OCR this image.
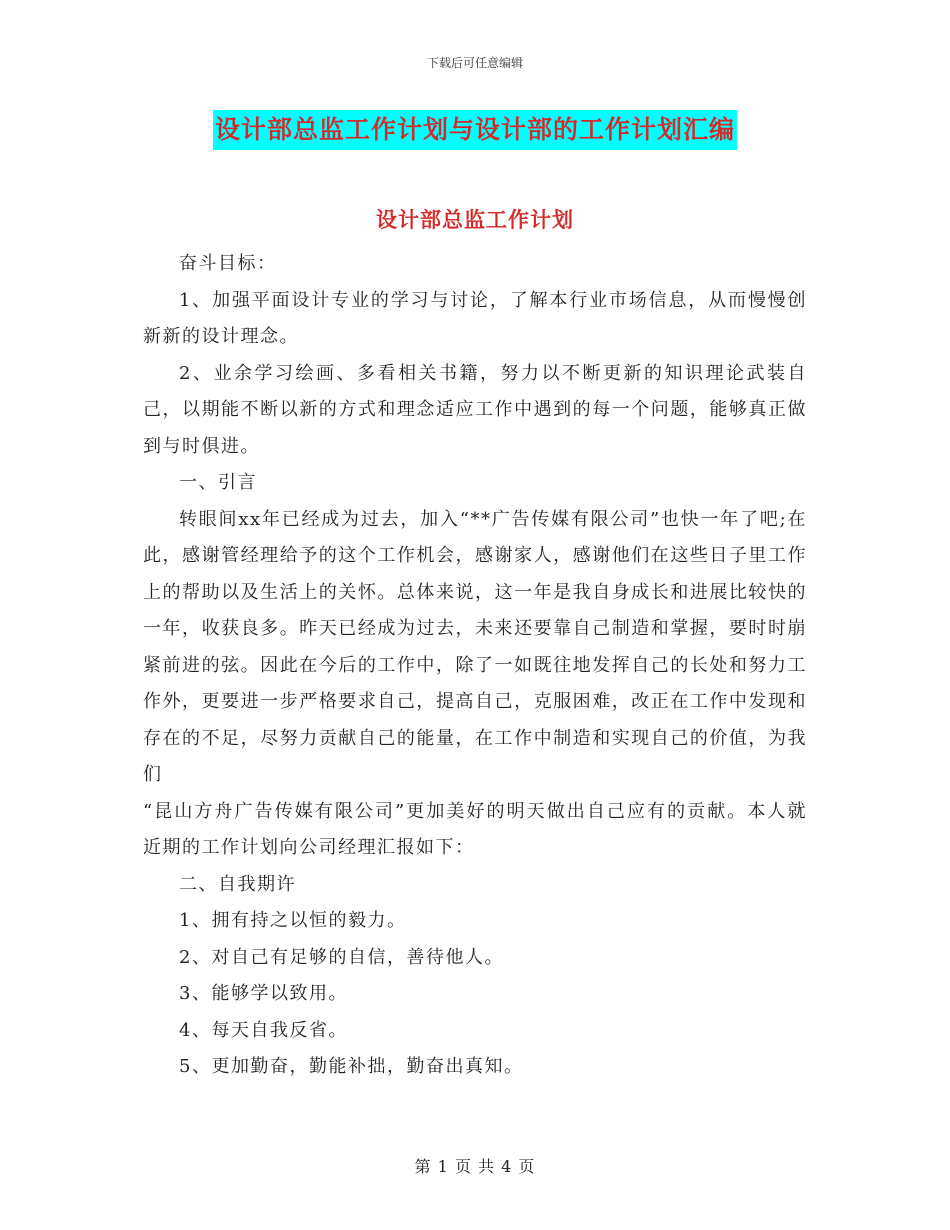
下载后可任意编辑
设计部总监工作计划与设计部的工作计划汇编
设计部总监工作计划

奋斗目标：

1、加强平面设计专业的学习与讨论，了解本行业市场信息，从而慢慢创新新的设计理念。

2、业余学习绘画、多看相关书籍，努力以不断更新的知识理论武装自己，以期能不断以新的方式和理念适应工作中遇到的每一个问题，能够真正做到与时俱进。

一、引言

转眼间xx年已经成为过去，加入“**广告传媒有限公司”也快一年了吧;在此，感谢管经理给予的这个工作机会，感谢家人，感谢他们在这些日子里工作上的帮助以及生活上的关怀。总体来说，这一年是我自身成长和进展比较快的一年，收获良多。昨天已经成为过去，未来还要靠自己制造和掌握，要时时崩紧前进的弦。因此在今后的工作中，除了一如既往地发挥自己的长处和努力工作外，更要进一步严格要求自己，提高自己，克服困难，改正在工作中发现和存在的不足，尽努力贡献自己的能量，在工作中制造和实现自己的价值，为我们

“昆山方舟广告传媒有限公司”更加美好的明天做出自己应有的贡献。本人就近期的工作计划向公司经理汇报如下：

二、自我期许

1、拥有持之以恒的毅力。

2、对自己有足够的自信，善待他人。

3、能够学以致用。

4、每天自我反省。

5、更加勤奋，勤能补拙，勤奋出真知。

第 1 页 共 4 页
